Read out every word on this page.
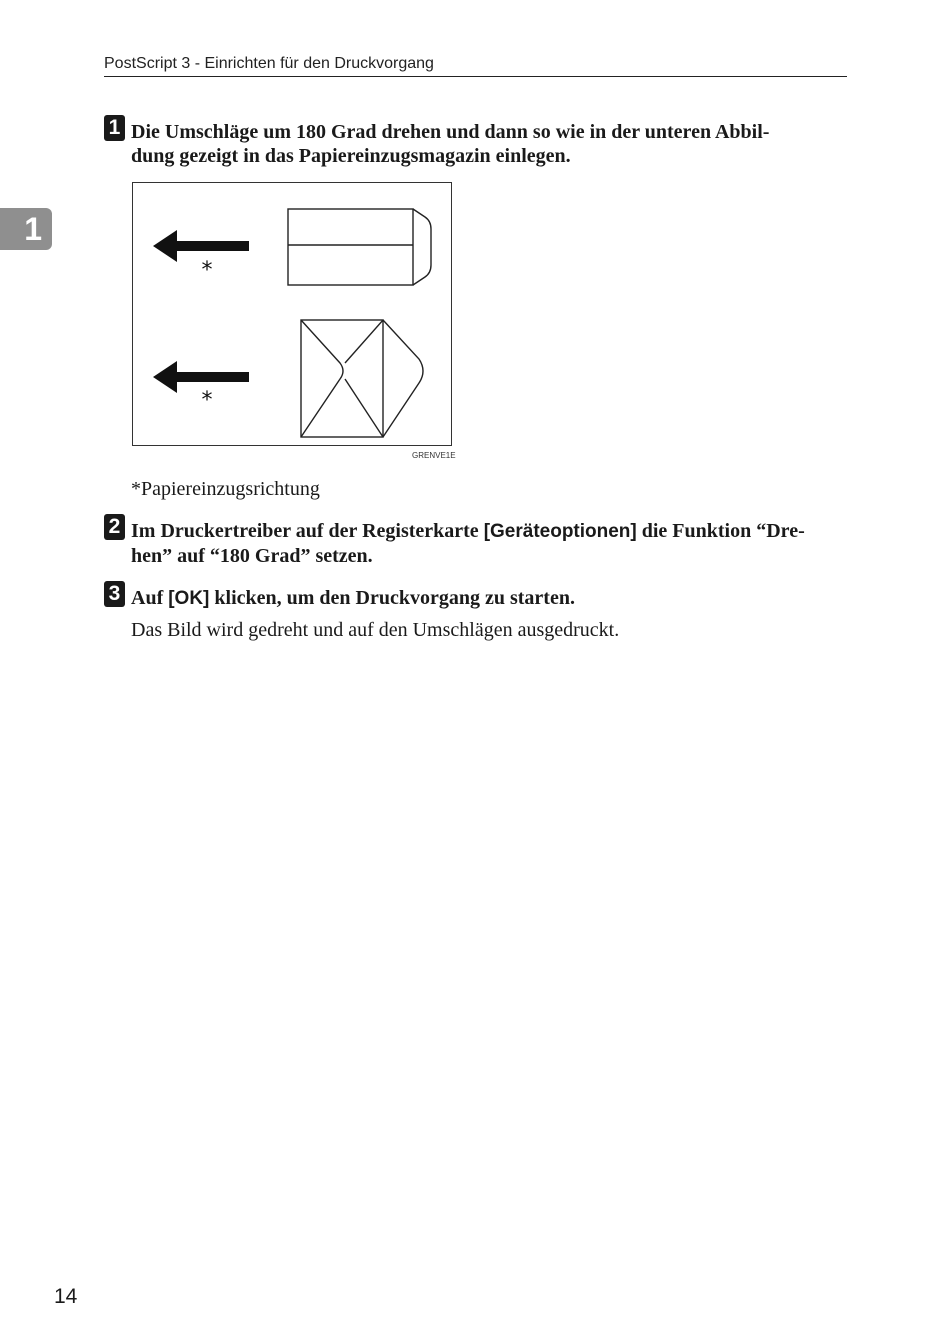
PostScript 3 - Einrichten für den Druckvorgang
1
1 Die Umschläge um 180 Grad drehen und dann so wie in der unteren Abbil-
dung gezeigt in das Papiereinzugsmagazin einlegen.
*
*
GRENVE1E
*Papiereinzugsrichtung
2 Im Druckertreiber auf der Registerkarte [Geräteoptionen] die Funktion “Dre-
hen” auf “180 Grad” setzen.
3 Auf [OK] klicken, um den Druckvorgang zu starten.
Das Bild wird gedreht und auf den Umschlägen ausgedruckt.
14
